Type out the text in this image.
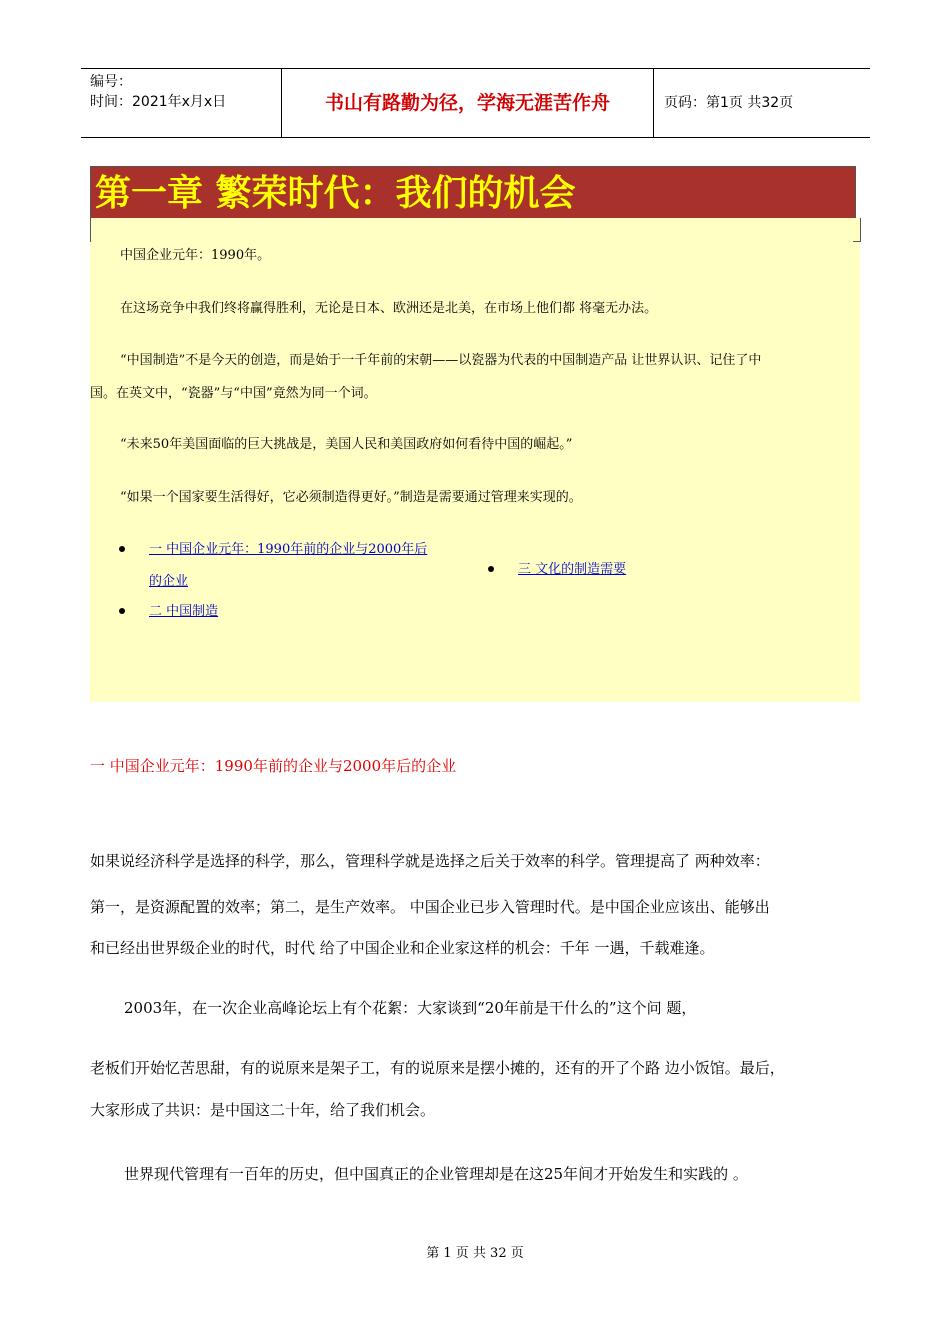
编号：
时间：2021年x月x日	书山有路勤为径，学海无涯苦作舟	页码：第1页 共32页
第一章 繁荣时代：我们的机会

中国企业元年：1990年。

在这场竞争中我们终将赢得胜利，无论是日本、欧洲还是北美，在市场上他们都 将毫无办法。

“中国制造”不是今天的创造，而是始于一千年前的宋朝——以瓷器为代表的中国制造产品 让世界认识、记住了中

国。在英文中，“瓷器”与“中国”竟然为同一个词。

“未来50年美国面临的巨大挑战是，美国人民和美国政府如何看待中国的崛起。”

“如果一个国家要生活得好，它必须制造得更好。”制造是需要通过管理来实现的。

一 中国企业元年：1990年前的企业与2000年后

的企业

二 中国制造

三 文化的制造需要

一 中国企业元年：1990年前的企业与2000年后的企业

如果说经济科学是选择的科学，那么，管理科学就是选择之后关于效率的科学。管理提高了 两种效率：

第一，是资源配置的效率；第二，是生产效率。 中国企业已步入管理时代。是中国企业应该出、能够出

和已经出世界级企业的时代，时代 给了中国企业和企业家这样的机会：千年 一遇，千载难逢。

2003年，在一次企业高峰论坛上有个花絮：大家谈到“20年前是干什么的”这个问 题，

老板们开始忆苦思甜，有的说原来是架子工，有的说原来是摆小摊的，还有的开了个路 边小饭馆。最后，

大家形成了共识：是中国这二十年，给了我们机会。

世界现代管理有一百年的历史，但中国真正的企业管理却是在这25年间才开始发生和实践的 。

第 1 页 共 32 页
